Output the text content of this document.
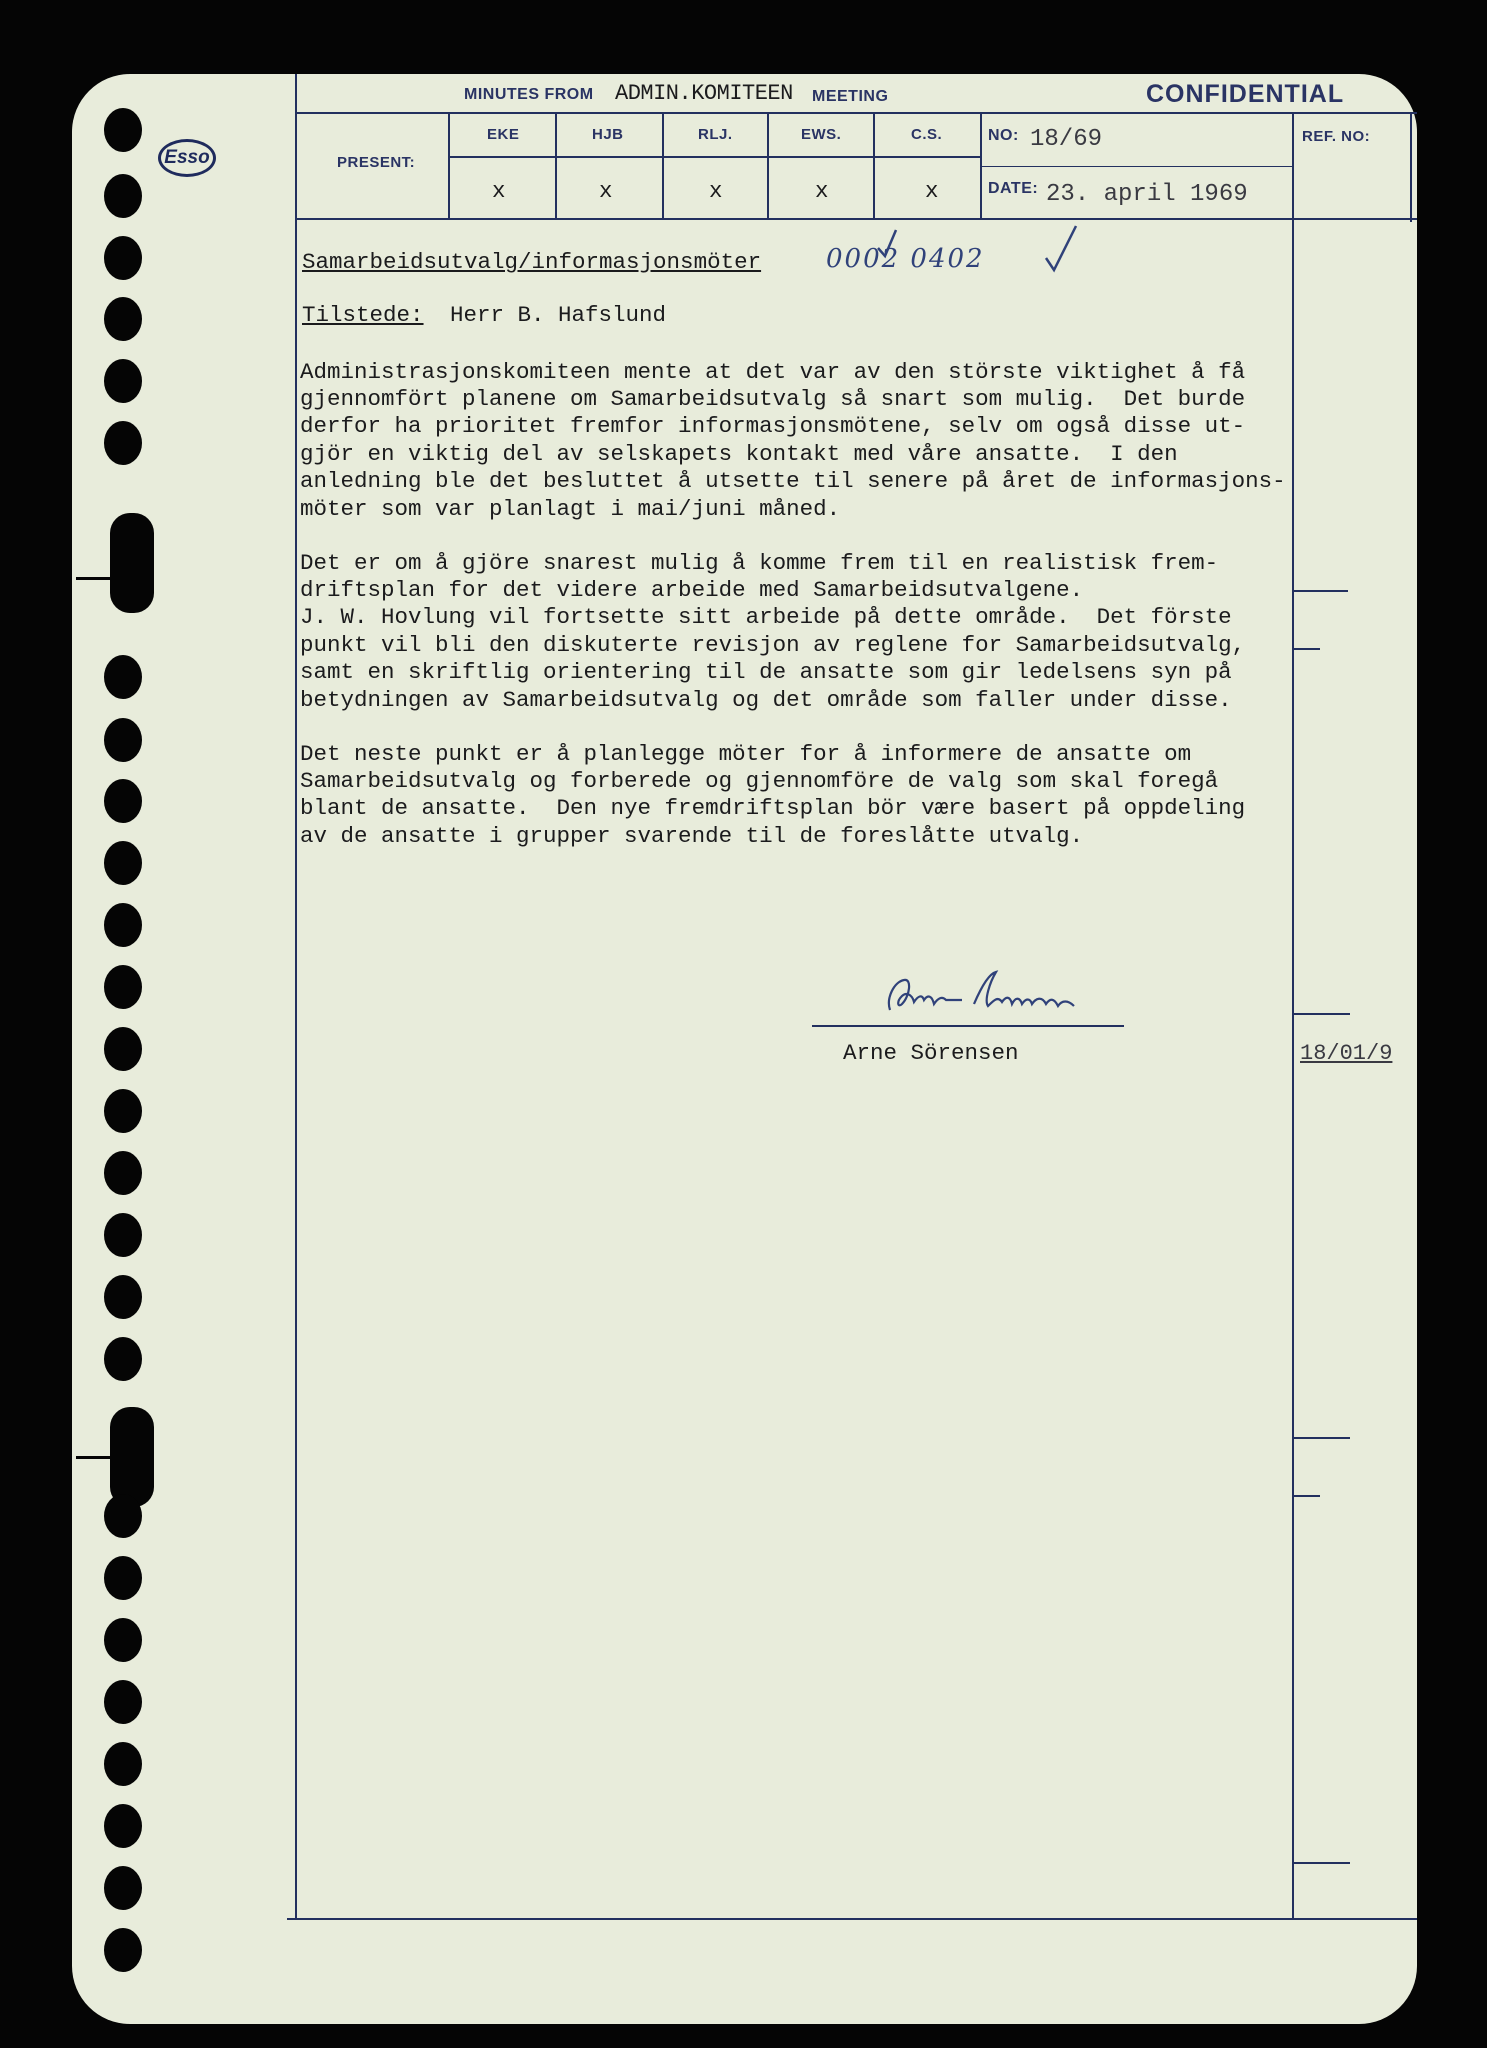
Esso
MINUTES FROM ADMIN.KOMITEEN MEETING	CONFIDENTIAL
PRESENT:
EKE	HJB	RLJ.	EWS.	C.S.
x	x	x	x	x
NO: 18/69
DATE: 23. april 1969
REF. NO:
Samarbeidsutvalg/informasjonsmöter 0002 0402
Tilstede: Herr B. Hafslund
Administrasjonskomiteen mente at det var av den störste viktighet å få
gjennomfört planene om Samarbeidsutvalg så snart som mulig.  Det burde
derfor ha prioritet fremfor informasjonsmötene, selv om også disse ut-
gjör en viktig del av selskapets kontakt med våre ansatte.  I den
anledning ble det besluttet å utsette til senere på året de informasjons-
möter som var planlagt i mai/juni måned.
Det er om å gjöre snarest mulig å komme frem til en realistisk frem-
driftsplan for det videre arbeide med Samarbeidsutvalgene.
J. W. Hovlung vil fortsette sitt arbeide på dette område.  Det förste
punkt vil bli den diskuterte revisjon av reglene for Samarbeidsutvalg,
samt en skriftlig orientering til de ansatte som gir ledelsens syn på
betydningen av Samarbeidsutvalg og det område som faller under disse.
Det neste punkt er å planlegge möter for å informere de ansatte om
Samarbeidsutvalg og forberede og gjennomföre de valg som skal foregå
blant de ansatte.  Den nye fremdriftsplan bör være basert på oppdeling
av de ansatte i grupper svarende til de foreslåtte utvalg.
Arne Sörensen	18/01/9
